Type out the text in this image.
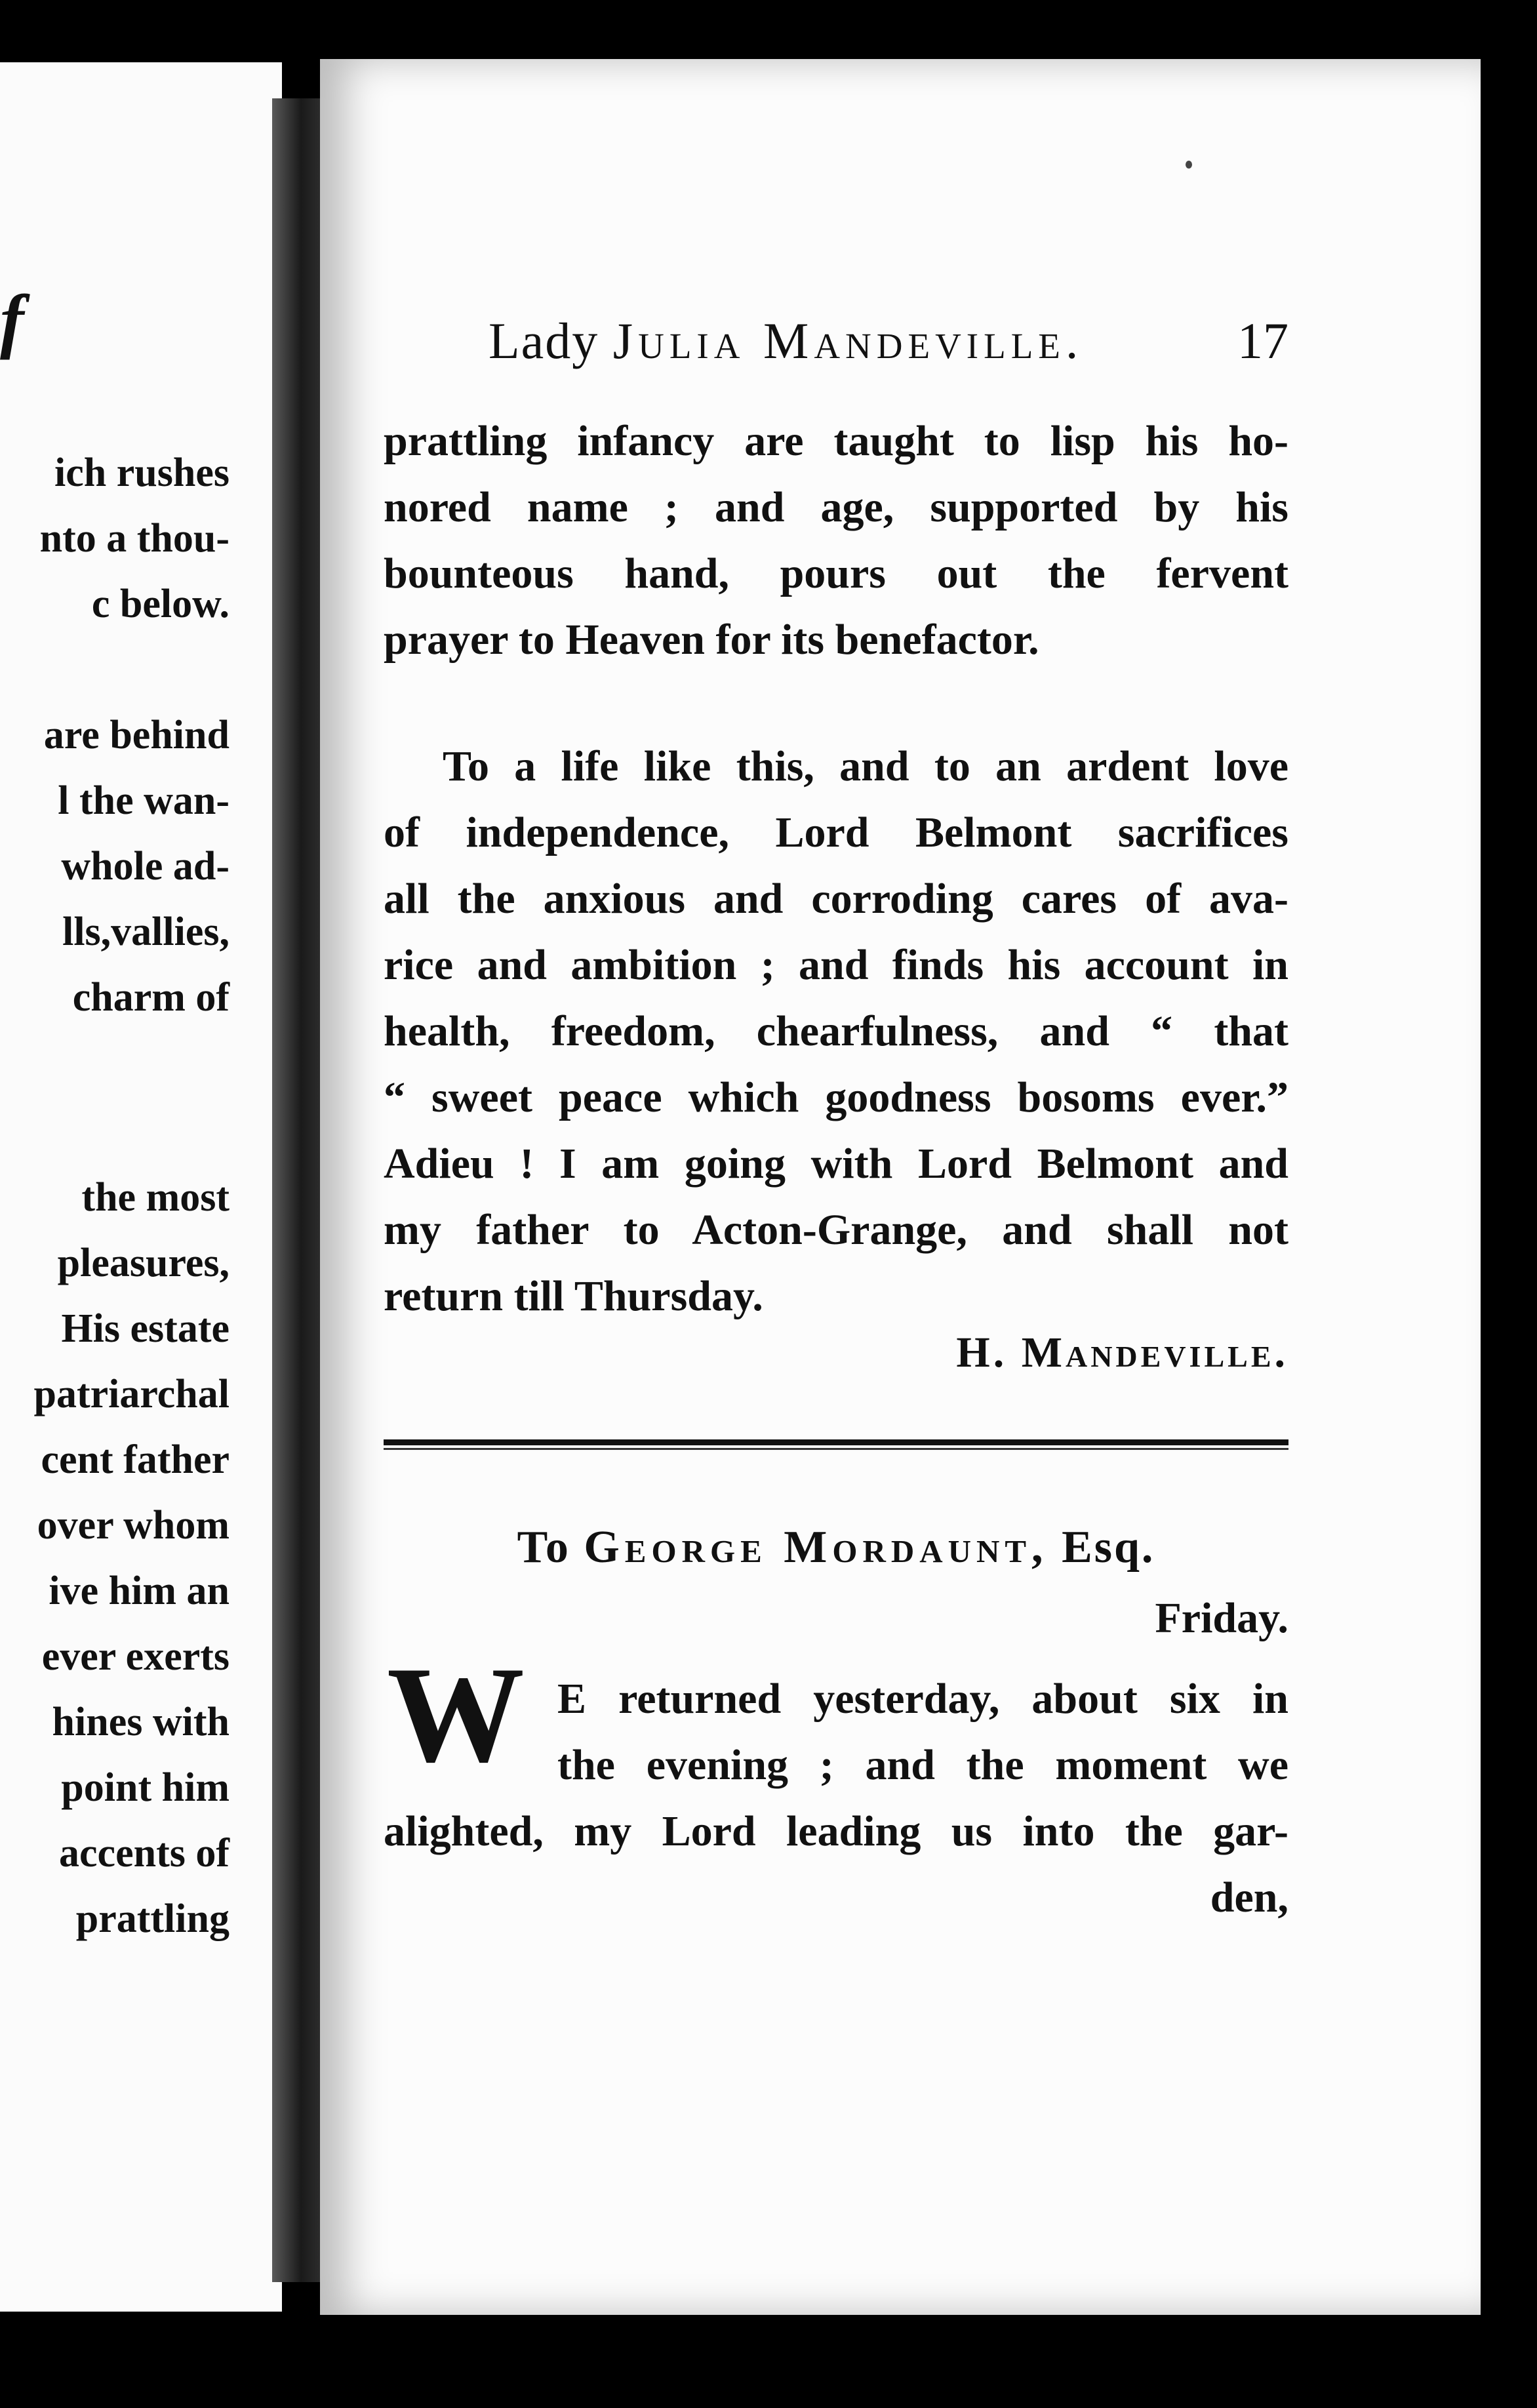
f
ich rushes
nto a thou-
c below.
are behind
l the wan-
whole ad-
lls,vallies,
charm of
the most
pleasures,
His estate
patriarchal
cent father
over whom
ive him an
ever exerts
hines with
point him
accents of
prattling
Lady Julia Mandeville.	17
prattling infancy are taught to lisp his ho-
nored name ; and age, supported by his
bounteous hand, pours out the fervent
prayer to Heaven for its benefactor.
To a life like this, and to an ardent love
of independence, Lord Belmont sacrifices
all the anxious and corroding cares of ava-
rice and ambition ; and finds his account in
health, freedom, chearfulness, and “ that
“ sweet peace which goodness bosoms ever.”
Adieu ! I am going with Lord Belmont and
my father to Acton-Grange, and shall not
return till Thursday.
H. Mandeville.
To George Mordaunt, Esq.
Friday.
W E returned yesterday, about six in
the evening ; and the moment we
alighted, my Lord leading us into the gar-
den,
